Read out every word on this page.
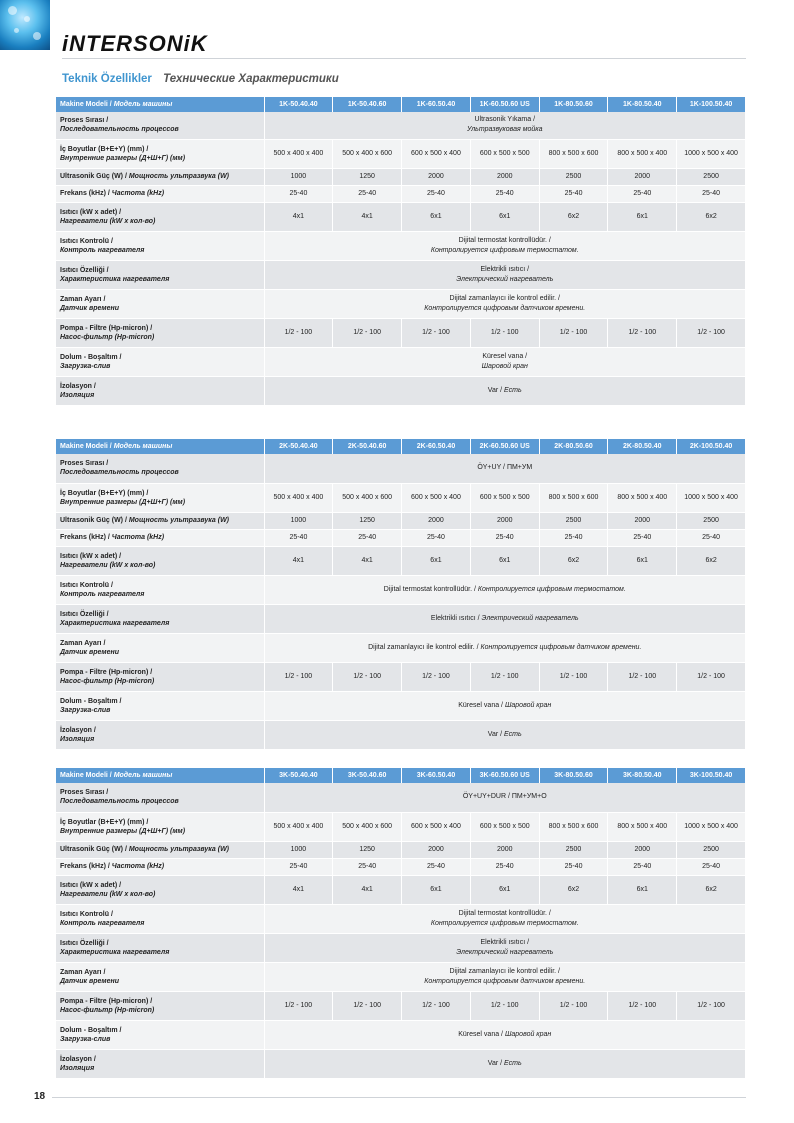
iNTERSONiK
Teknik Özellikler Технические Характеристики
Makine Modeli / Модель машины	1K-50.40.40	1K-50.40.60	1K-60.50.40	1K-60.50.60 US	1K-80.50.60	1K-80.50.40	1K-100.50.40
Proses Sırası /
Последовательность процессов	Ultrasonik Yıkama /
Ультразвуковая мойка						
İç Boyutlar (B+E+Y) (mm) /
Внутренние размеры (Д+Ш+Г) (мм)	500 x 400 x 400	500 x 400 x 600	600 x 500 x 400	600 x 500 x 500	800 x 500 x 600	800 x 500 x 400	1000 x 500 x 400
Ultrasonik Güç (W) / Мощность ультразвука (W)	1000	1250	2000	2000	2500	2000	2500
Frekans (kHz) / Частота (kHz)	25-40	25-40	25-40	25-40	25-40	25-40	25-40
Isıtıcı (kW x adet) /
Нагреватели (kW x кол-во)	4x1	4x1	6x1	6x1	6x2	6x1	6x2
Isıtıcı Kontrolü /
Контроль нагревателя	Dijital termostat kontrollüdür. /
Контролируется цифровым термостатом.						
Isıtıcı Özelliği /
Характеристика нагревателя	Elektrikli ısıtıcı /
Электрический нагреватель						
Zaman Ayarı /
Датчик времени	Dijital zamanlayıcı ile kontrol edilir. /
Контролируется цифровым датчиком времени.						
Pompa - Filtre (Hp-micron) /
Насос-фильтр (Hp-micron)	1/2 - 100	1/2 - 100	1/2 - 100	1/2 - 100	1/2 - 100	1/2 - 100	1/2 - 100
Dolum - Boşaltım /
Загрузка-слив	Küresel vana /
Шаровой кран						
İzolasyon /
Изоляция	Var / Есть						
Makine Modeli / Модель машины	2K-50.40.40	2K-50.40.60	2K-60.50.40	2K-60.50.60 US	2K-80.50.60	2K-80.50.40	2K-100.50.40
Proses Sırası /
Последовательность процессов	ÖY+UY / ПМ+УМ						
İç Boyutlar (B+E+Y) (mm) /
Внутренние размеры (Д+Ш+Г) (мм)	500 x 400 x 400	500 x 400 x 600	600 x 500 x 400	600 x 500 x 500	800 x 500 x 600	800 x 500 x 400	1000 x 500 x 400
Ultrasonik Güç (W) / Мощность ультразвука (W)	1000	1250	2000	2000	2500	2000	2500
Frekans (kHz) / Частота (kHz)	25-40	25-40	25-40	25-40	25-40	25-40	25-40
Isıtıcı (kW x adet) /
Нагреватели (kW x кол-во)	4x1	4x1	6x1	6x1	6x2	6x1	6x2
Isıtıcı Kontrolü /
Контроль нагревателя	Dijital termostat kontrollüdür. / Контролируется цифровым термостатом.						
Isıtıcı Özelliği /
Характеристика нагревателя	Elektrikli ısıtıcı / Электрический нагреватель						
Zaman Ayarı /
Датчик времени	Dijital zamanlayıcı ile kontrol edilir. / Контролируется цифровым датчиком времени.						
Pompa - Filtre (Hp-micron) /
Насос-фильтр (Hp-micron)	1/2 - 100	1/2 - 100	1/2 - 100	1/2 - 100	1/2 - 100	1/2 - 100	1/2 - 100
Dolum - Boşaltım /
Загрузка-слив	Küresel vana / Шаровой кран						
İzolasyon /
Изоляция	Var / Есть						
Makine Modeli / Модель машины	3K-50.40.40	3K-50.40.60	3K-60.50.40	3K-60.50.60 US	3K-80.50.60	3K-80.50.40	3K-100.50.40
Proses Sırası /
Последовательность процессов	ÖY+UY+DUR / ПМ+УМ+О						
İç Boyutlar (B+E+Y) (mm) /
Внутренние размеры (Д+Ш+Г) (мм)	500 x 400 x 400	500 x 400 x 600	600 x 500 x 400	600 x 500 x 500	800 x 500 x 600	800 x 500 x 400	1000 x 500 x 400
Ultrasonik Güç (W) / Мощность ультразвука (W)	1000	1250	2000	2000	2500	2000	2500
Frekans (kHz) / Частота (kHz)	25-40	25-40	25-40	25-40	25-40	25-40	25-40
Isıtıcı (kW x adet) /
Нагреватели (kW x кол-во)	4x1	4x1	6x1	6x1	6x2	6x1	6x2
Isıtıcı Kontrolü /
Контроль нагревателя	Dijital termostat kontrollüdür. /
Контролируется цифровым термостатом.						
Isıtıcı Özelliği /
Характеристика нагревателя	Elektrikli ısıtıcı /
Электрический нагреватель						
Zaman Ayarı /
Датчик времени	Dijital zamanlayıcı ile kontrol edilir. /
Контролируется цифровым датчиком времени.						
Pompa - Filtre (Hp-micron) /
Насос-фильтр (Hp-micron)	1/2 - 100	1/2 - 100	1/2 - 100	1/2 - 100	1/2 - 100	1/2 - 100	1/2 - 100
Dolum - Boşaltım /
Загрузка-слив	Küresel vana / Шаровой кран						
İzolasyon /
Изоляция	Var / Есть						
18
